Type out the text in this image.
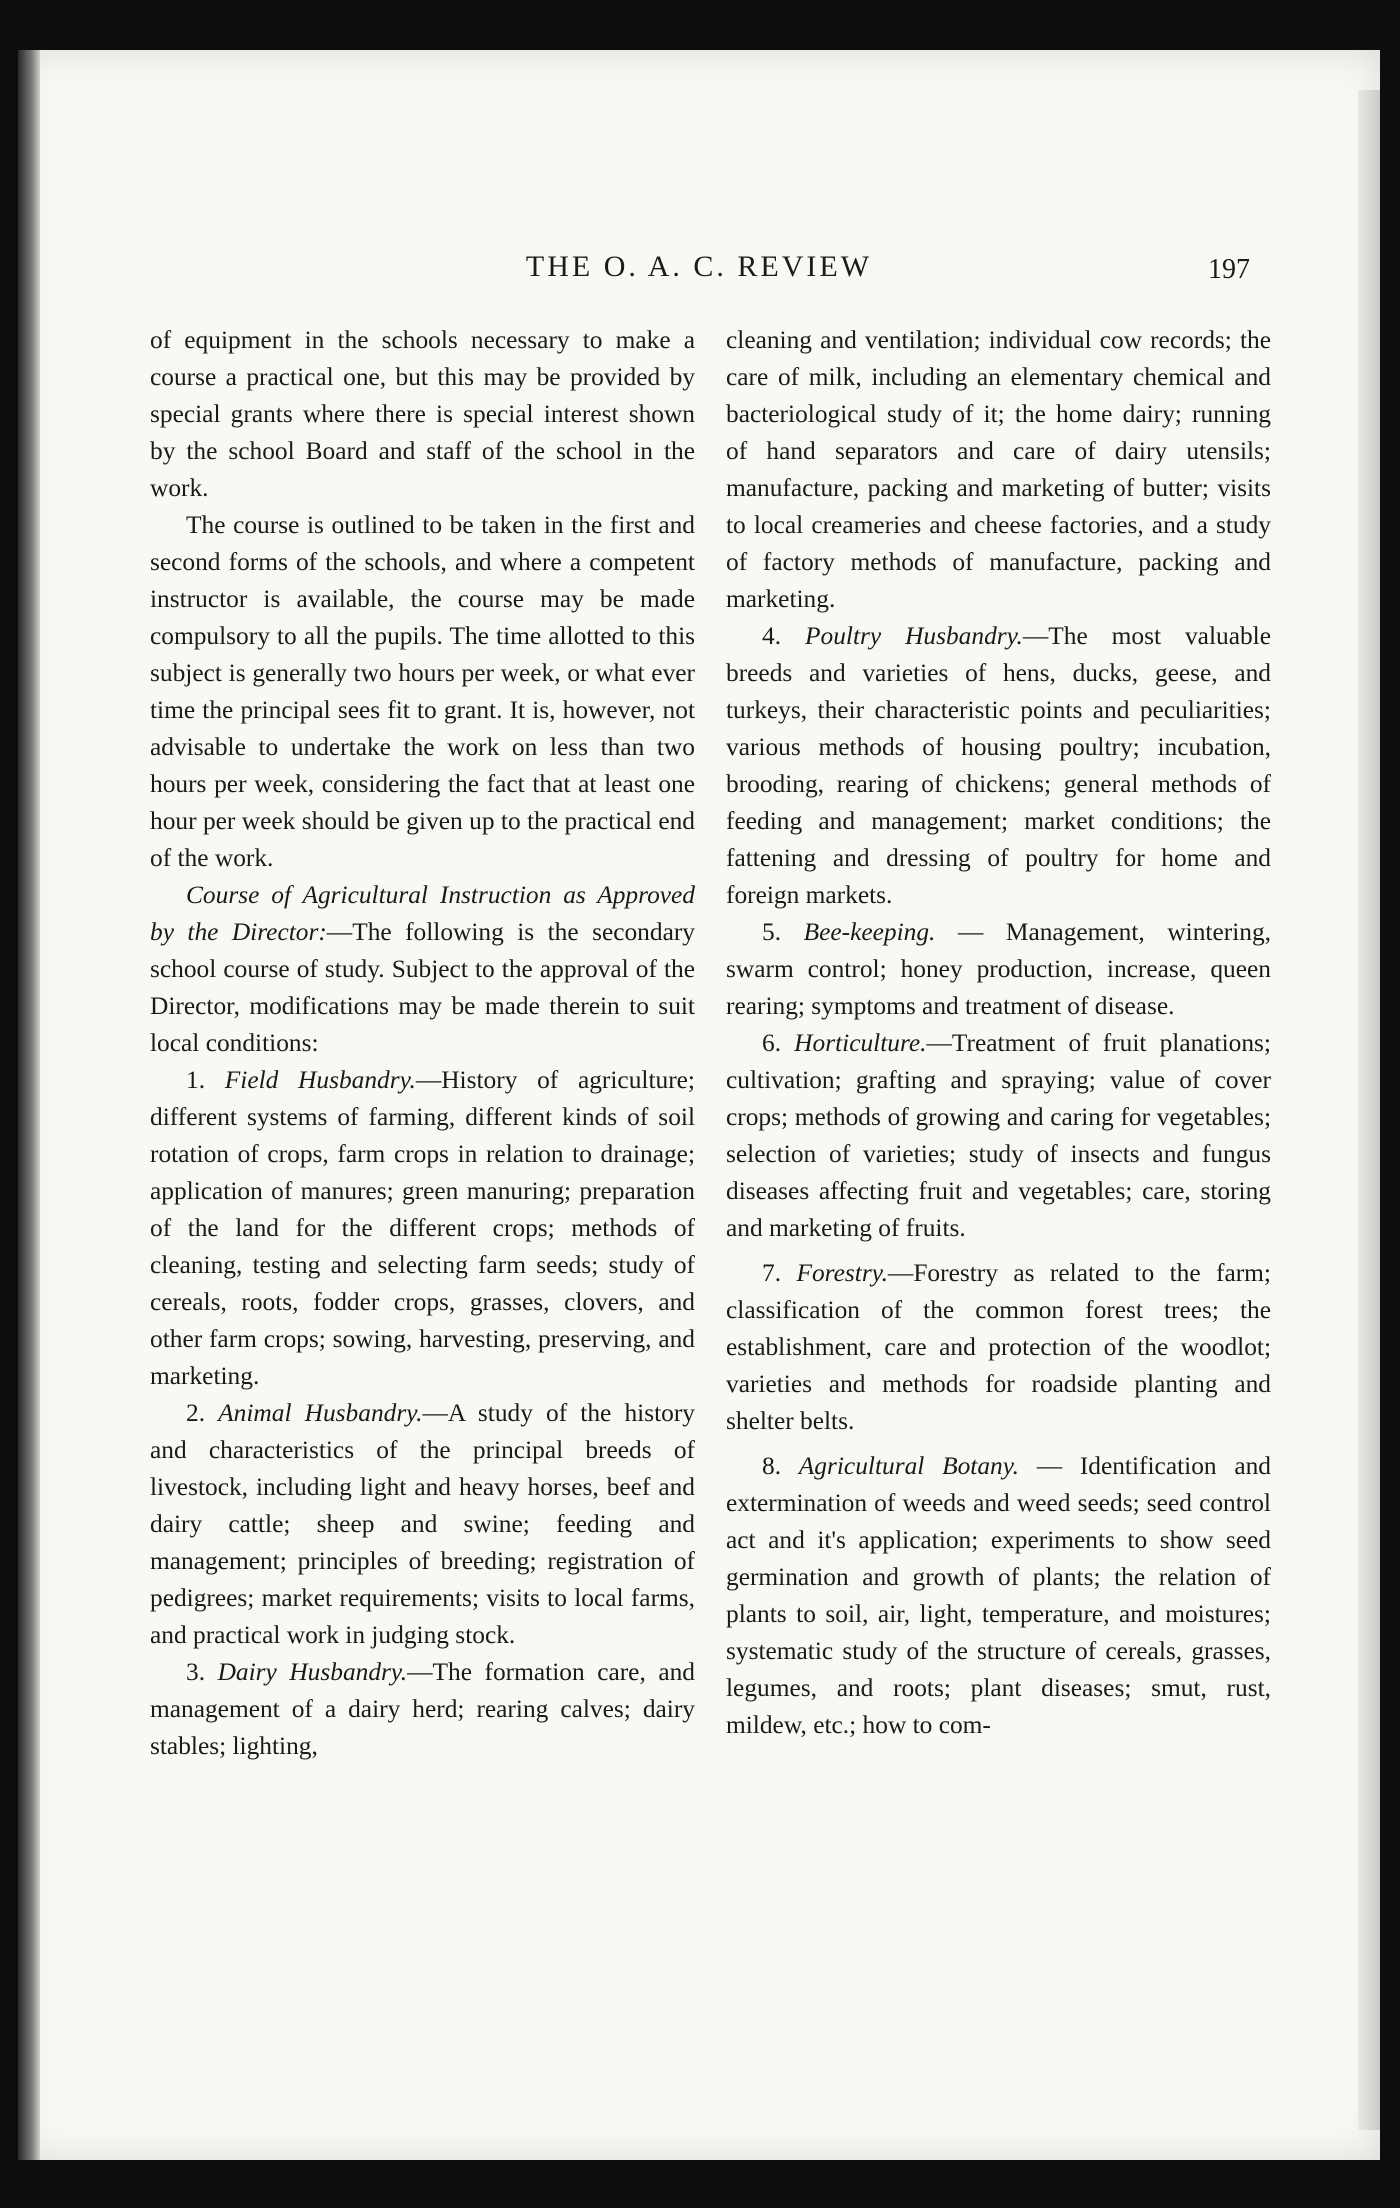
THE O. A. C. REVIEW	197

of equipment in the schools necessary to make a course a practical one, but this may be provided by special grants where there is special interest shown by the school Board and staff of the school in the work.

The course is outlined to be taken in the first and second forms of the schools, and where a competent instructor is available, the course may be made compulsory to all the pupils. The time allotted to this subject is generally two hours per week, or what ever time the principal sees fit to grant. It is, however, not advisable to undertake the work on less than two hours per week, considering the fact that at least one hour per week should be given up to the practical end of the work.

Course of Agricultural Instruction as Approved by the Director:—The following is the secondary school course of study. Subject to the approval of the Director, modifications may be made therein to suit local conditions:

1. Field Husbandry.—History of agriculture; different systems of farming, different kinds of soil rotation of crops, farm crops in relation to drainage; application of manures; green manuring; preparation of the land for the different crops; methods of cleaning, testing and selecting farm seeds; study of cereals, roots, fodder crops, grasses, clovers, and other farm crops; sowing, harvesting, preserving, and marketing.

2. Animal Husbandry.—A study of the history and characteristics of the principal breeds of livestock, including light and heavy horses, beef and dairy cattle; sheep and swine; feeding and management; principles of breeding; registration of pedigrees; market requirements; visits to local farms, and practical work in judging stock.

3. Dairy Husbandry.—The formation care, and management of a dairy herd; rearing calves; dairy stables; lighting,

cleaning and ventilation; individual cow records; the care of milk, including an elementary chemical and bacteriological study of it; the home dairy; running of hand separators and care of dairy utensils; manufacture, packing and marketing of butter; visits to local creameries and cheese factories, and a study of factory methods of manufacture, packing and marketing.

4. Poultry Husbandry.—The most valuable breeds and varieties of hens, ducks, geese, and turkeys, their characteristic points and peculiarities; various methods of housing poultry; incubation, brooding, rearing of chickens; general methods of feeding and management; market conditions; the fattening and dressing of poultry for home and foreign markets.

5. Bee-keeping. — Management, wintering, swarm control; honey production, increase, queen rearing; symptoms and treatment of disease.

6. Horticulture.—Treatment of fruit planations; cultivation; grafting and spraying; value of cover crops; methods of growing and caring for vegetables; selection of varieties; study of insects and fungus diseases affecting fruit and vegetables; care, storing and marketing of fruits.

7. Forestry.—Forestry as related to the farm; classification of the common forest trees; the establishment, care and protection of the woodlot; varieties and methods for roadside planting and shelter belts.

8. Agricultural Botany. — Identification and extermination of weeds and weed seeds; seed control act and it's application; experiments to show seed germination and growth of plants; the relation of plants to soil, air, light, temperature, and moistures; systematic study of the structure of cereals, grasses, legumes, and roots; plant diseases; smut, rust, mildew, etc.; how to com-
